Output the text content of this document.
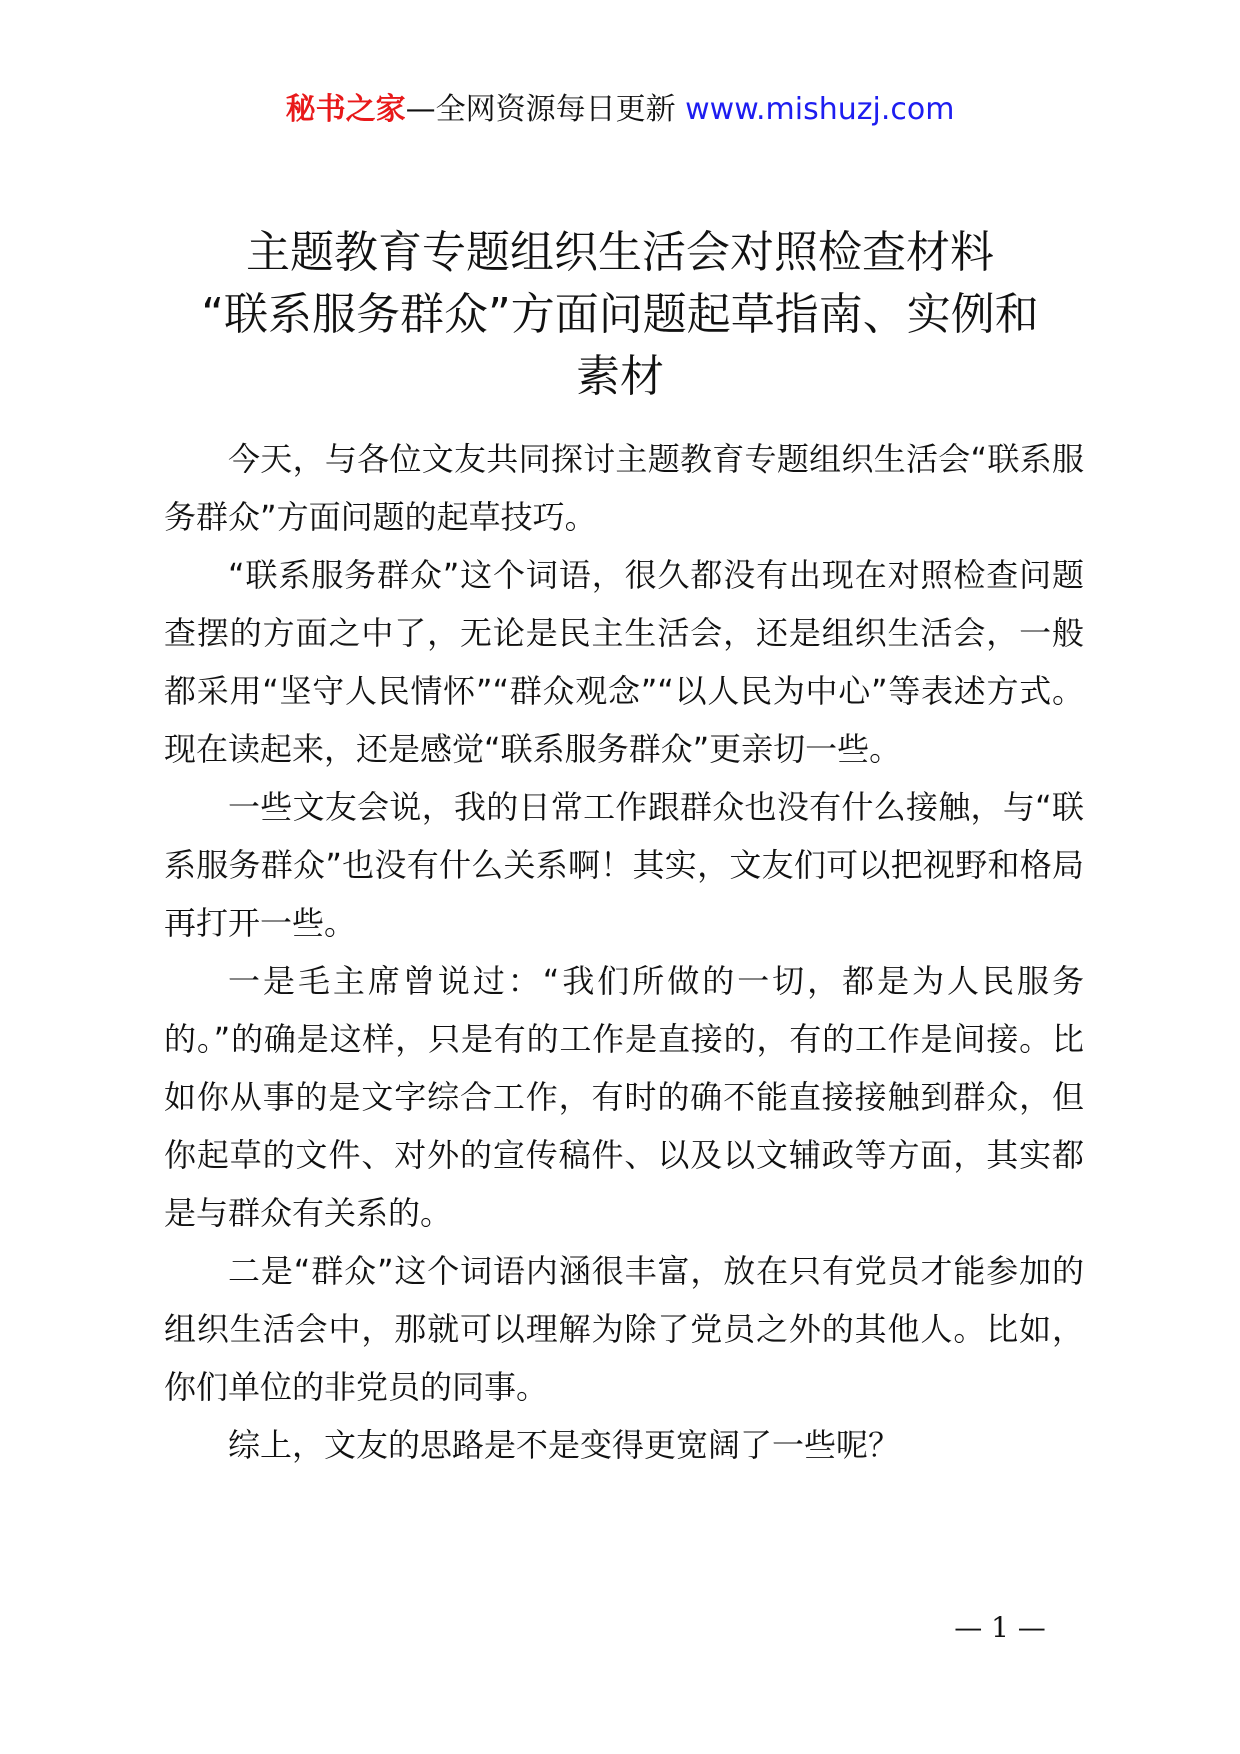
秘书之家—全网资源每日更新 www.mishuzj.com
主题教育专题组织生活会对照检查材料
“联系服务群众”方面问题起草指南、实例和
素材

今天，与各位文友共同探讨主题教育专题组织生活会“联系服务群众”方面问题的起草技巧。

“联系服务群众”这个词语，很久都没有出现在对照检查问题查摆的方面之中了，无论是民主生活会，还是组织生活会，一般都采用“坚守人民情怀”“群众观念”“以人民为中心”等表述方式。现在读起来，还是感觉“联系服务群众”更亲切一些。

一些文友会说，我的日常工作跟群众也没有什么接触，与“联系服务群众”也没有什么关系啊！其实，文友们可以把视野和格局再打开一些。

一是毛主席曾说过：“我们所做的一切，都是为人民服务的。”的确是这样，只是有的工作是直接的，有的工作是间接。比如你从事的是文字综合工作，有时的确不能直接接触到群众，但你起草的文件、对外的宣传稿件、以及以文辅政等方面，其实都是与群众有关系的。

二是“群众”这个词语内涵很丰富，放在只有党员才能参加的组织生活会中，那就可以理解为除了党员之外的其他人。比如，你们单位的非党员的同事。

综上，文友的思路是不是变得更宽阔了一些呢？

— 1 —
